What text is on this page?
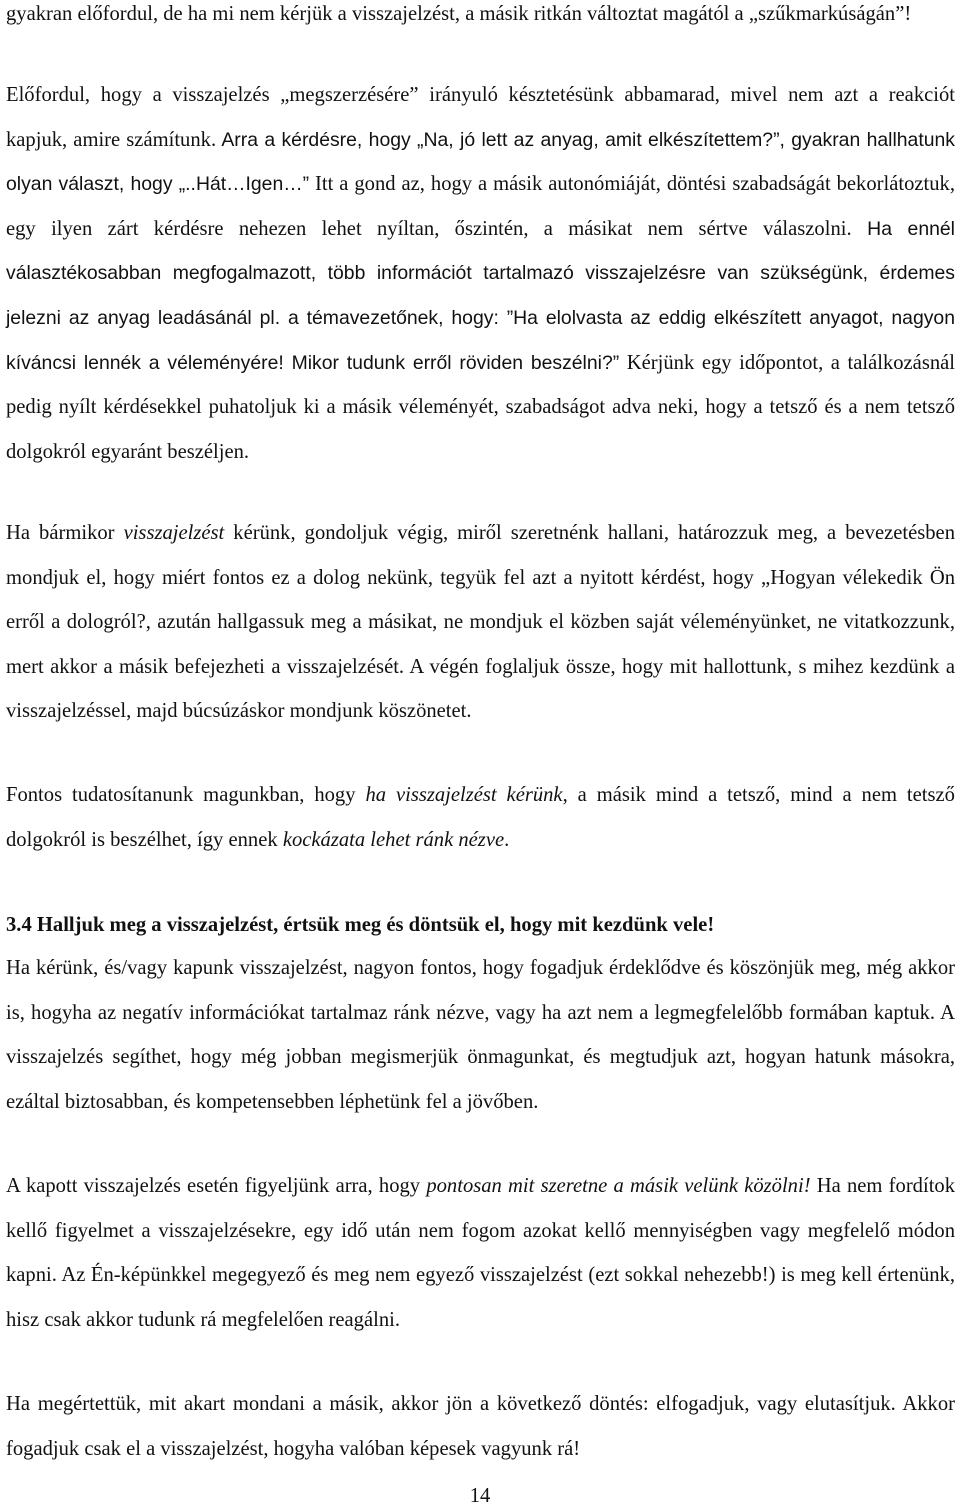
gyakran előfordul, de ha mi nem kérjük a visszajelzést, a másik ritkán változtat magától a „szűkmarkúságán”!

Előfordul, hogy a visszajelzés „megszerzésére” irányuló késztetésünk abbamarad, mivel nem azt a reakciót kapjuk, amire számítunk. Arra a kérdésre, hogy „Na, jó lett az anyag, amit elkészítettem?”, gyakran hallhatunk olyan választ, hogy „..Hát…Igen…” Itt a gond az, hogy a másik autonómiáját, döntési szabadságát bekorlátoztuk, egy ilyen zárt kérdésre nehezen lehet nyíltan, őszintén, a másikat nem sértve válaszolni. Ha ennél választékosabban megfogalmazott, több információt tartalmazó visszajelzésre van szükségünk, érdemes jelezni az anyag leadásánál pl. a témavezetőnek, hogy: ”Ha elolvasta az eddig elkészített anyagot, nagyon kíváncsi lennék a véleményére! Mikor tudunk erről röviden beszélni?” Kérjünk egy időpontot, a találkozásnál pedig nyílt kérdésekkel puhatoljuk ki a másik véleményét, szabadságot adva neki, hogy a tetsző és a nem tetsző dolgokról egyaránt beszéljen.

Ha bármikor visszajelzést kérünk, gondoljuk végig, miről szeretnénk hallani, határozzuk meg, a bevezetésben mondjuk el, hogy miért fontos ez a dolog nekünk, tegyük fel azt a nyitott kérdést, hogy „Hogyan vélekedik Ön erről a dologról?, azután hallgassuk meg a másikat, ne mondjuk el közben saját véleményünket, ne vitatkozzunk, mert akkor a másik befejezheti a visszajelzését. A végén foglaljuk össze, hogy mit hallottunk, s mihez kezdünk a visszajelzéssel, majd búcsúzáskor mondjunk köszönetet.

Fontos tudatosítanunk magunkban, hogy ha visszajelzést kérünk, a másik mind a tetsző, mind a nem tetsző dolgokról is beszélhet, így ennek kockázata lehet ránk nézve.

3.4 Halljuk meg a visszajelzést, értsük meg és döntsük el, hogy mit kezdünk vele!

Ha kérünk, és/vagy kapunk visszajelzést, nagyon fontos, hogy fogadjuk érdeklődve és köszönjük meg, még akkor is, hogyha az negatív információkat tartalmaz ránk nézve, vagy ha azt nem a legmegfelelőbb formában kaptuk. A visszajelzés segíthet, hogy még jobban megismerjük önmagunkat, és megtudjuk azt, hogyan hatunk másokra, ezáltal biztosabban, és kompetensebben léphetünk fel a jövőben.

A kapott visszajelzés esetén figyeljünk arra, hogy pontosan mit szeretne a másik velünk közölni! Ha nem fordítok kellő figyelmet a visszajelzésekre, egy idő után nem fogom azokat kellő mennyiségben vagy megfelelő módon kapni. Az Én-képünkkel megegyező és meg nem egyező visszajelzést (ezt sokkal nehezebb!) is meg kell értenünk, hisz csak akkor tudunk rá megfelelően reagálni.

Ha megértettük, mit akart mondani a másik, akkor jön a következő döntés: elfogadjuk, vagy elutasítjuk. Akkor fogadjuk csak el a visszajelzést, hogyha valóban képesek vagyunk rá!

14
